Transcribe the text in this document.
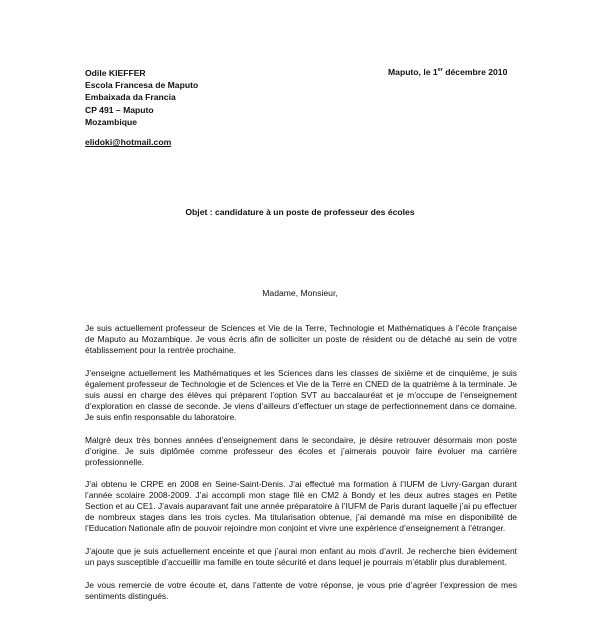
Odile KIEFFER
Escola Francesa de Maputo
Embaixada da Francia
CP 491 – Maputo
Mozambique
elidoki@hotmail.com
Maputo, le 1er décembre 2010
Objet : candidature à un poste de professeur des écoles
Madame, Monsieur,

Je suis actuellement professeur de Sciences et Vie de la Terre, Technologie et Mathématiques à l’école française de Maputo au Mozambique. Je vous écris afin de solliciter un poste de résident ou de détaché au sein de votre établissement pour la rentrée prochaine.

J’enseigne actuellement les Mathématiques et les Sciences dans les classes de sixième et de cinquième, je suis également professeur de Technologie et de Sciences et Vie de la Terre en CNED de la quatrième à la terminale. Je suis aussi en charge des élèves qui préparent l’option SVT au baccalauréat et je m’occupe de l’enseignement d’exploration en classe de seconde. Je viens d’ailleurs d’effectuer un stage de perfectionnement dans ce domaine. Je suis enfin responsable du laboratoire.

Malgré deux très bonnes années d’enseignement dans le secondaire, je désire retrouver désormais mon poste d’origine. Je suis diplômée comme professeur des écoles et j’aimerais pouvoir faire évoluer ma carrière professionnelle.

J’ai obtenu le CRPE en 2008 en Seine-Saint-Denis. J’ai effectué ma formation à l’IUFM de Livry-Gargan durant l’année scolaire 2008-2009. J’ai accompli mon stage filé en CM2 à Bondy et les deux autres stages en Petite Section et au CE1. J’avais auparavant fait une année préparatoire à l’IUFM de Paris durant laquelle j’ai pu effectuer de nombreux stages dans les trois cycles. Ma titularisation obtenue, j’ai demandé ma mise en disponibilité de l’Education Nationale afin de pouvoir rejoindre mon conjoint et vivre une expérience d’enseignement à l’étranger.

J’ajoute que je suis actuellement enceinte et que j’aurai mon enfant au mois d’avril. Je recherche bien évidement un pays susceptible d’accueillir ma famille en toute sécurité et dans lequel je pourrais m’établir plus durablement.

Je vous remercie de votre écoute et, dans l’attente de votre réponse, je vous prie d’agréer l’expression de mes sentiments distingués.
